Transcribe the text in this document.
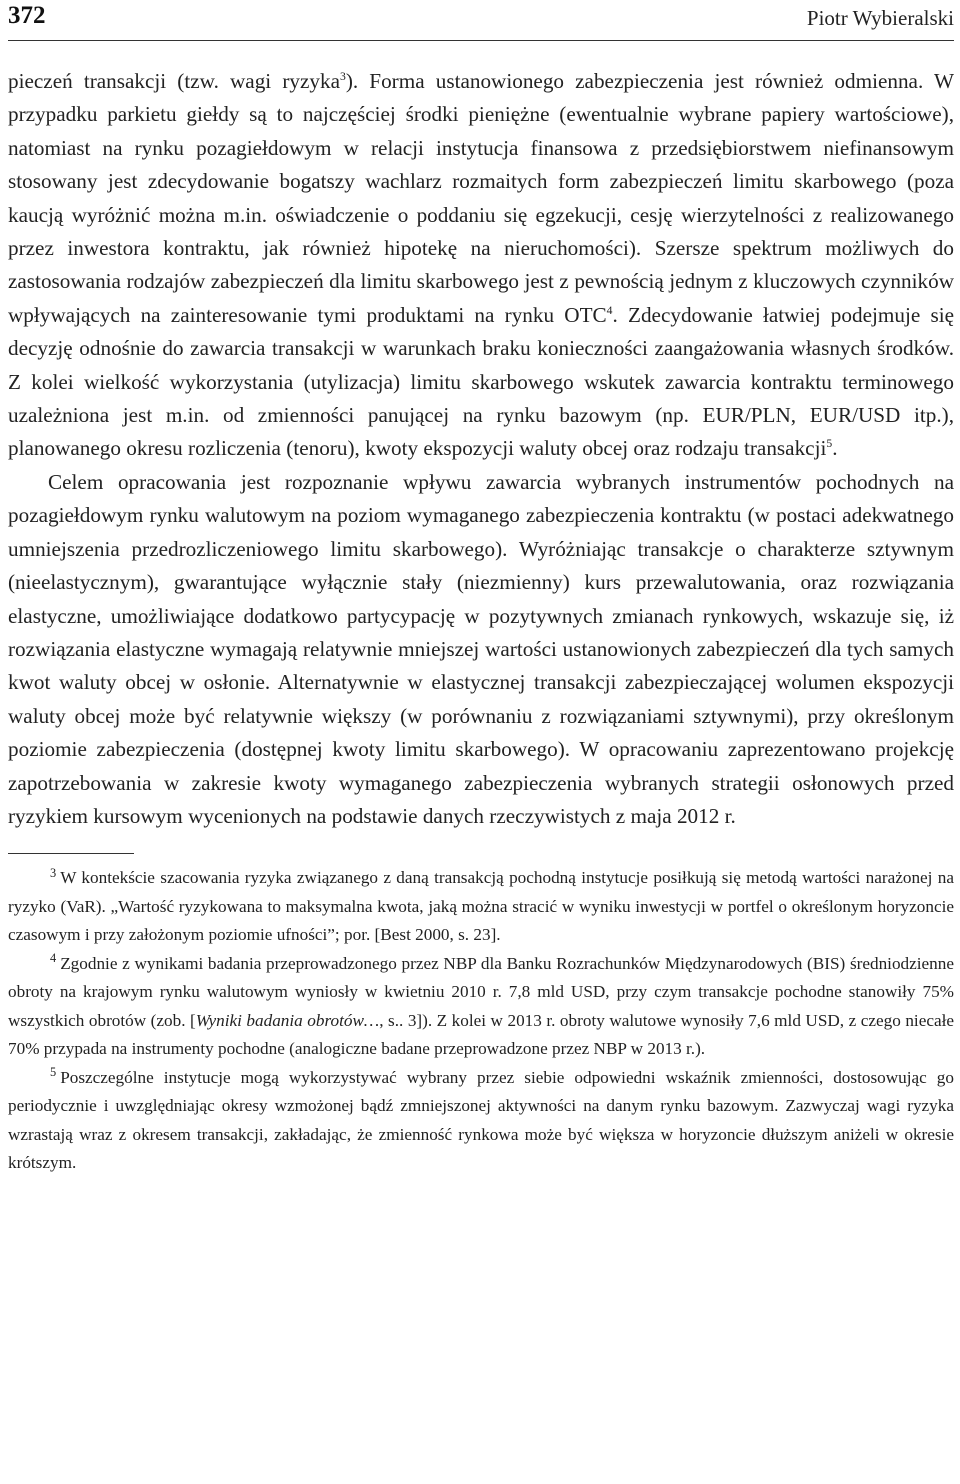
372	Piotr Wybieralski

pieczeń transakcji (tzw. wagi ryzyka$^3$). Forma ustanowionego zabezpieczenia jest również odmienna. W przypadku parkietu giełdy są to najczęściej środki pieniężne (ewentualnie wybrane papiery wartościowe), natomiast na rynku pozagiełdowym w relacji instytucja finansowa z przedsiębiorstwem niefinansowym stosowany jest zdecydowanie bogatszy wachlarz rozmaitych form zabezpieczeń limitu skarbowego (poza kaucją wyróżnić można m.in. oświadczenie o poddaniu się egzekucji, cesję wierzytelności z realizowanego przez inwestora kontraktu, jak również hipotekę na nieruchomości). Szersze spektrum możliwych do zastosowania rodzajów zabezpieczeń dla limitu skarbowego jest z pewnością jednym z kluczowych czynników wpływających na zainteresowanie tymi produktami na rynku OTC$^4$. Zdecydowanie łatwiej podejmuje się decyzję odnośnie do zawarcia transakcji w warunkach braku konieczności zaangażowania własnych środków. Z kolei wielkość wykorzystania (utylizacja) limitu skarbowego wskutek zawarcia kontraktu terminowego uzależniona jest m.in. od zmienności panującej na rynku bazowym (np. EUR/PLN, EUR/USD itp.), planowanego okresu rozliczenia (tenoru), kwoty ekspozycji waluty obcej oraz rodzaju transakcji$^5$.

Celem opracowania jest rozpoznanie wpływu zawarcia wybranych instrumentów pochodnych na pozagiełdowym rynku walutowym na poziom wymaganego zabezpieczenia kontraktu (w postaci adekwatnego umniejszenia przedrozliczeniowego limitu skarbowego). Wyróżniając transakcje o charakterze sztywnym (nieelastycznym), gwarantujące wyłącznie stały (niezmienny) kurs przewalutowania, oraz rozwiązania elastyczne, umożliwiające dodatkowo partycypację w pozytywnych zmianach rynkowych, wskazuje się, iż rozwiązania elastyczne wymagają relatywnie mniejszej wartości ustanowionych zabezpieczeń dla tych samych kwot waluty obcej w osłonie. Alternatywnie w elastycznej transakcji zabezpieczającej wolumen ekspozycji waluty obcej może być relatywnie większy (w porównaniu z rozwiązaniami sztywnymi), przy określonym poziomie zabezpieczenia (dostępnej kwoty limitu skarbowego). W opracowaniu zaprezentowano projekcję zapotrzebowania w zakresie kwoty wymaganego zabezpieczenia wybranych strategii osłonowych przed ryzykiem kursowym wycenionych na podstawie danych rzeczywistych z maja 2012 r.

$^3$ W kontekście szacowania ryzyka związanego z daną transakcją pochodną instytucje posiłkują się metodą wartości narażonej na ryzyko (VaR). „Wartość ryzykowana to maksymalna kwota, jaką można stracić w wyniku inwestycji w portfel o określonym horyzoncie czasowym i przy założonym poziomie ufności”; por. [Best 2000, s. 23].

$^4$ Zgodnie z wynikami badania przeprowadzonego przez NBP dla Banku Rozrachunków Międzynarodowych (BIS) średniodzienne obroty na krajowym rynku walutowym wyniosły w kwietniu 2010 r. 7,8 mld USD, przy czym transakcje pochodne stanowiły 75% wszystkich obrotów (zob. [Wyniki badania obrotów…, s.. 3]). Z kolei w 2013 r. obroty walutowe wynosiły 7,6 mld USD, z czego niecałe 70% przypada na instrumenty pochodne (analogiczne badane przeprowadzone przez NBP w 2013 r.).

$^5$ Poszczególne instytucje mogą wykorzystywać wybrany przez siebie odpowiedni wskaźnik zmienności, dostosowując go periodycznie i uwzględniając okresy wzmożonej bądź zmniejszonej aktywności na danym rynku bazowym. Zazwyczaj wagi ryzyka wzrastają wraz z okresem transakcji, zakładając, że zmienność rynkowa może być większa w horyzoncie dłuższym aniżeli w okresie krótszym.
